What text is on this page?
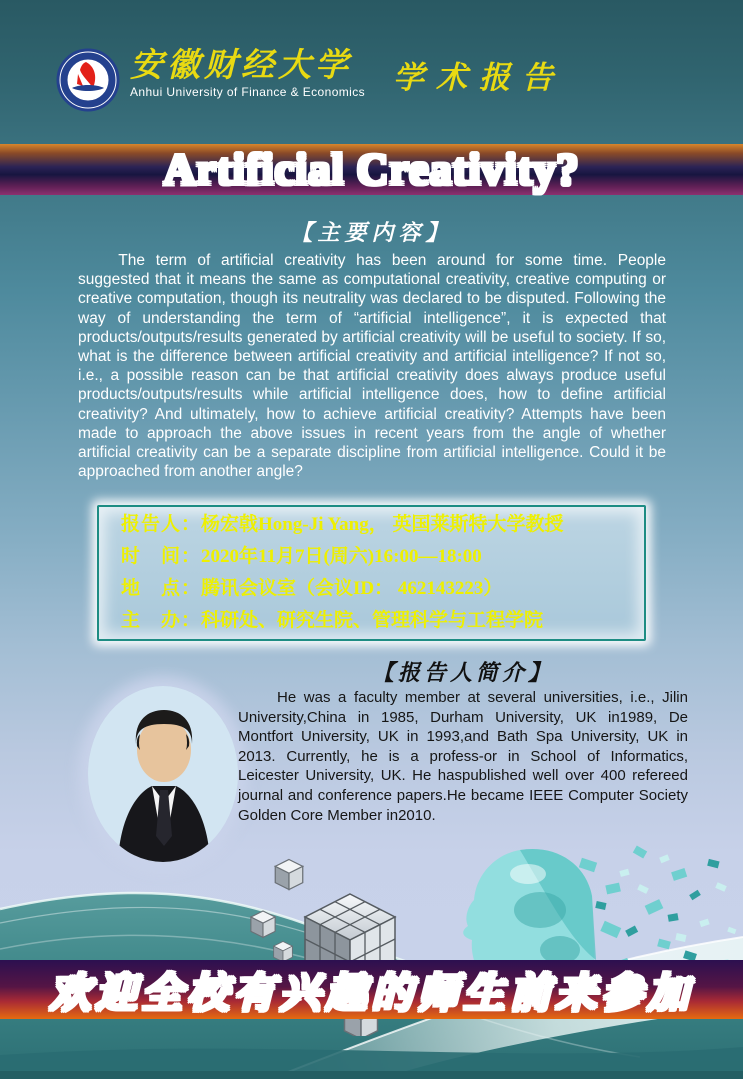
安徽财经大学
Anhui University of Finance & Economics 学术报告
Artificial Creativity?
【主要内容】

The term of artificial creativity has been around for some time. People suggested that it means the same as computational creativity, creative computing or creative computation, though its neutrality was declared to be disputed. Following the way of understanding the term of “artificial intelligence”, it is expected that products/outputs/results generated by artificial creativity will be useful to society. If so, what is the difference between artificial creativity and artificial intelligence? If not so, i.e., a possible reason can be that artificial creativity does always produce useful products/outputs/results while artificial intelligence does, how to define artificial creativity? And ultimately, how to achieve artificial creativity? Attempts have been made to approach the above issues in recent years from the angle of whether artificial creativity can be a separate discipline from artificial intelligence. Could it be approached from another angle?

报告人：杨宏戟Hong-Ji Yang， 英国莱斯特大学教授
时　间：2020年11月7日(周六)16:00—18:00
地　点：腾讯会议室（会议ID： 462143223）
主　办：科研处、研究生院、管理科学与工程学院
【报告人简介】

He was a faculty member at several universities, i.e., Jilin University,China in 1985, Durham University, UK in1989, De Montfort University, UK in 1993,and Bath Spa University, UK in 2013. Currently, he is a profess-or in School of Informatics, Leicester University, UK. He haspublished well over 400 refereed journal and conference papers.He became IEEE Computer Society Golden Core Member in2010.

欢迎全校有兴趣的师生前来参加
